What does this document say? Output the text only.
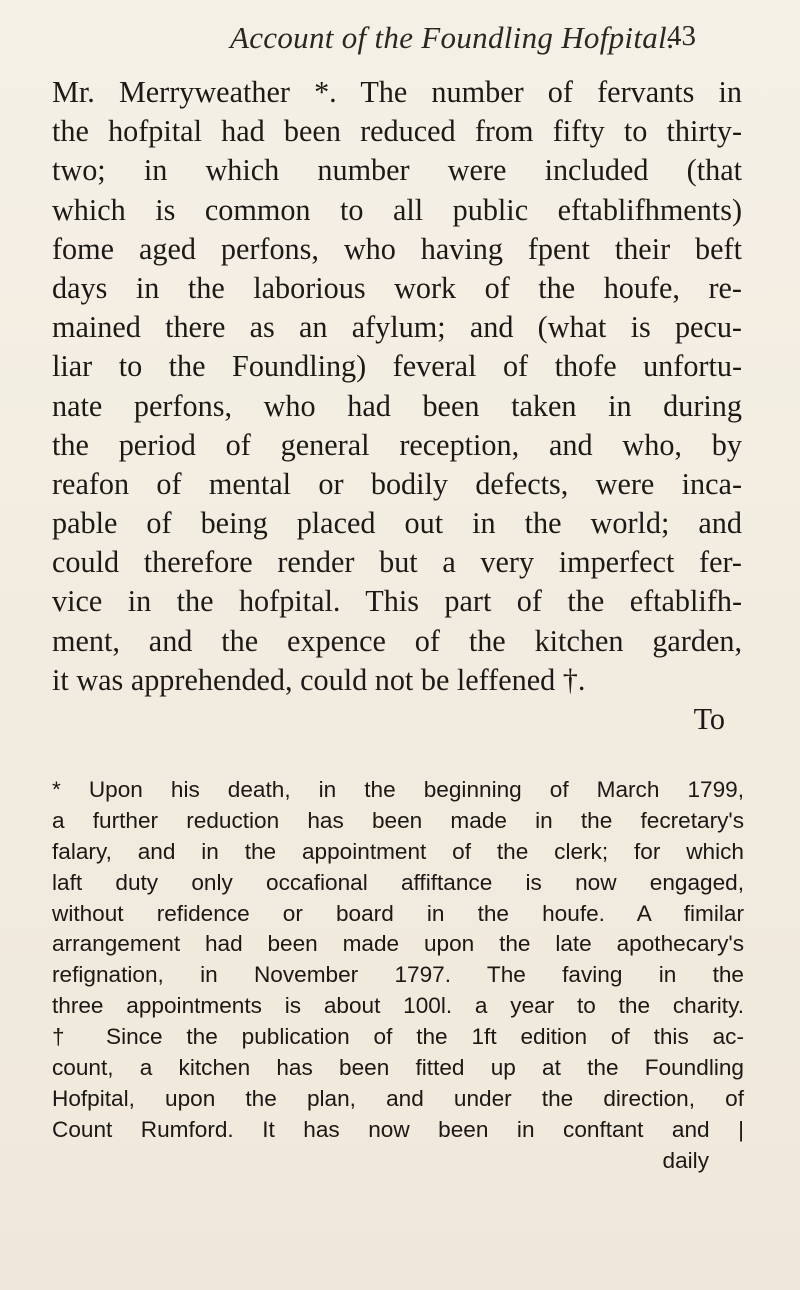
Account of the Foundling Hofpital.
43
Mr. Merryweather *. The number of fervants in
the hofpital had been reduced from fifty to thirty-
two; in which number were included (that
which is common to all public eftablifhments)
fome aged perfons, who having fpent their beft
days in the laborious work of the houfe, re-
mained there as an afylum; and (what is pecu-
liar to the Foundling) feveral of thofe unfortu-
nate perfons, who had been taken in during
the period of general reception, and who, by
reafon of mental or bodily defects, were inca-
pable of being placed out in the world; and
could therefore render but a very imperfect fer-
vice in the hofpital. This part of the eftablifh-
ment, and the expence of the kitchen garden,
it was apprehended, could not be leffened †.
To
* Upon his death, in the beginning of March 1799,
a further reduction has been made in the fecretary's
falary, and in the appointment of the clerk; for which
laft duty only occafional affiftance is now engaged,
without refidence or board in the houfe. A fimilar
arrangement had been made upon the late apothecary's
refignation, in November 1797. The faving in the
three appointments is about 100l. a year to the charity.
† Since the publication of the 1ft edition of this ac-
count, a kitchen has been fitted up at the Foundling
Hofpital, upon the plan, and under the direction, of
Count Rumford. It has now been in conftant and |
daily
